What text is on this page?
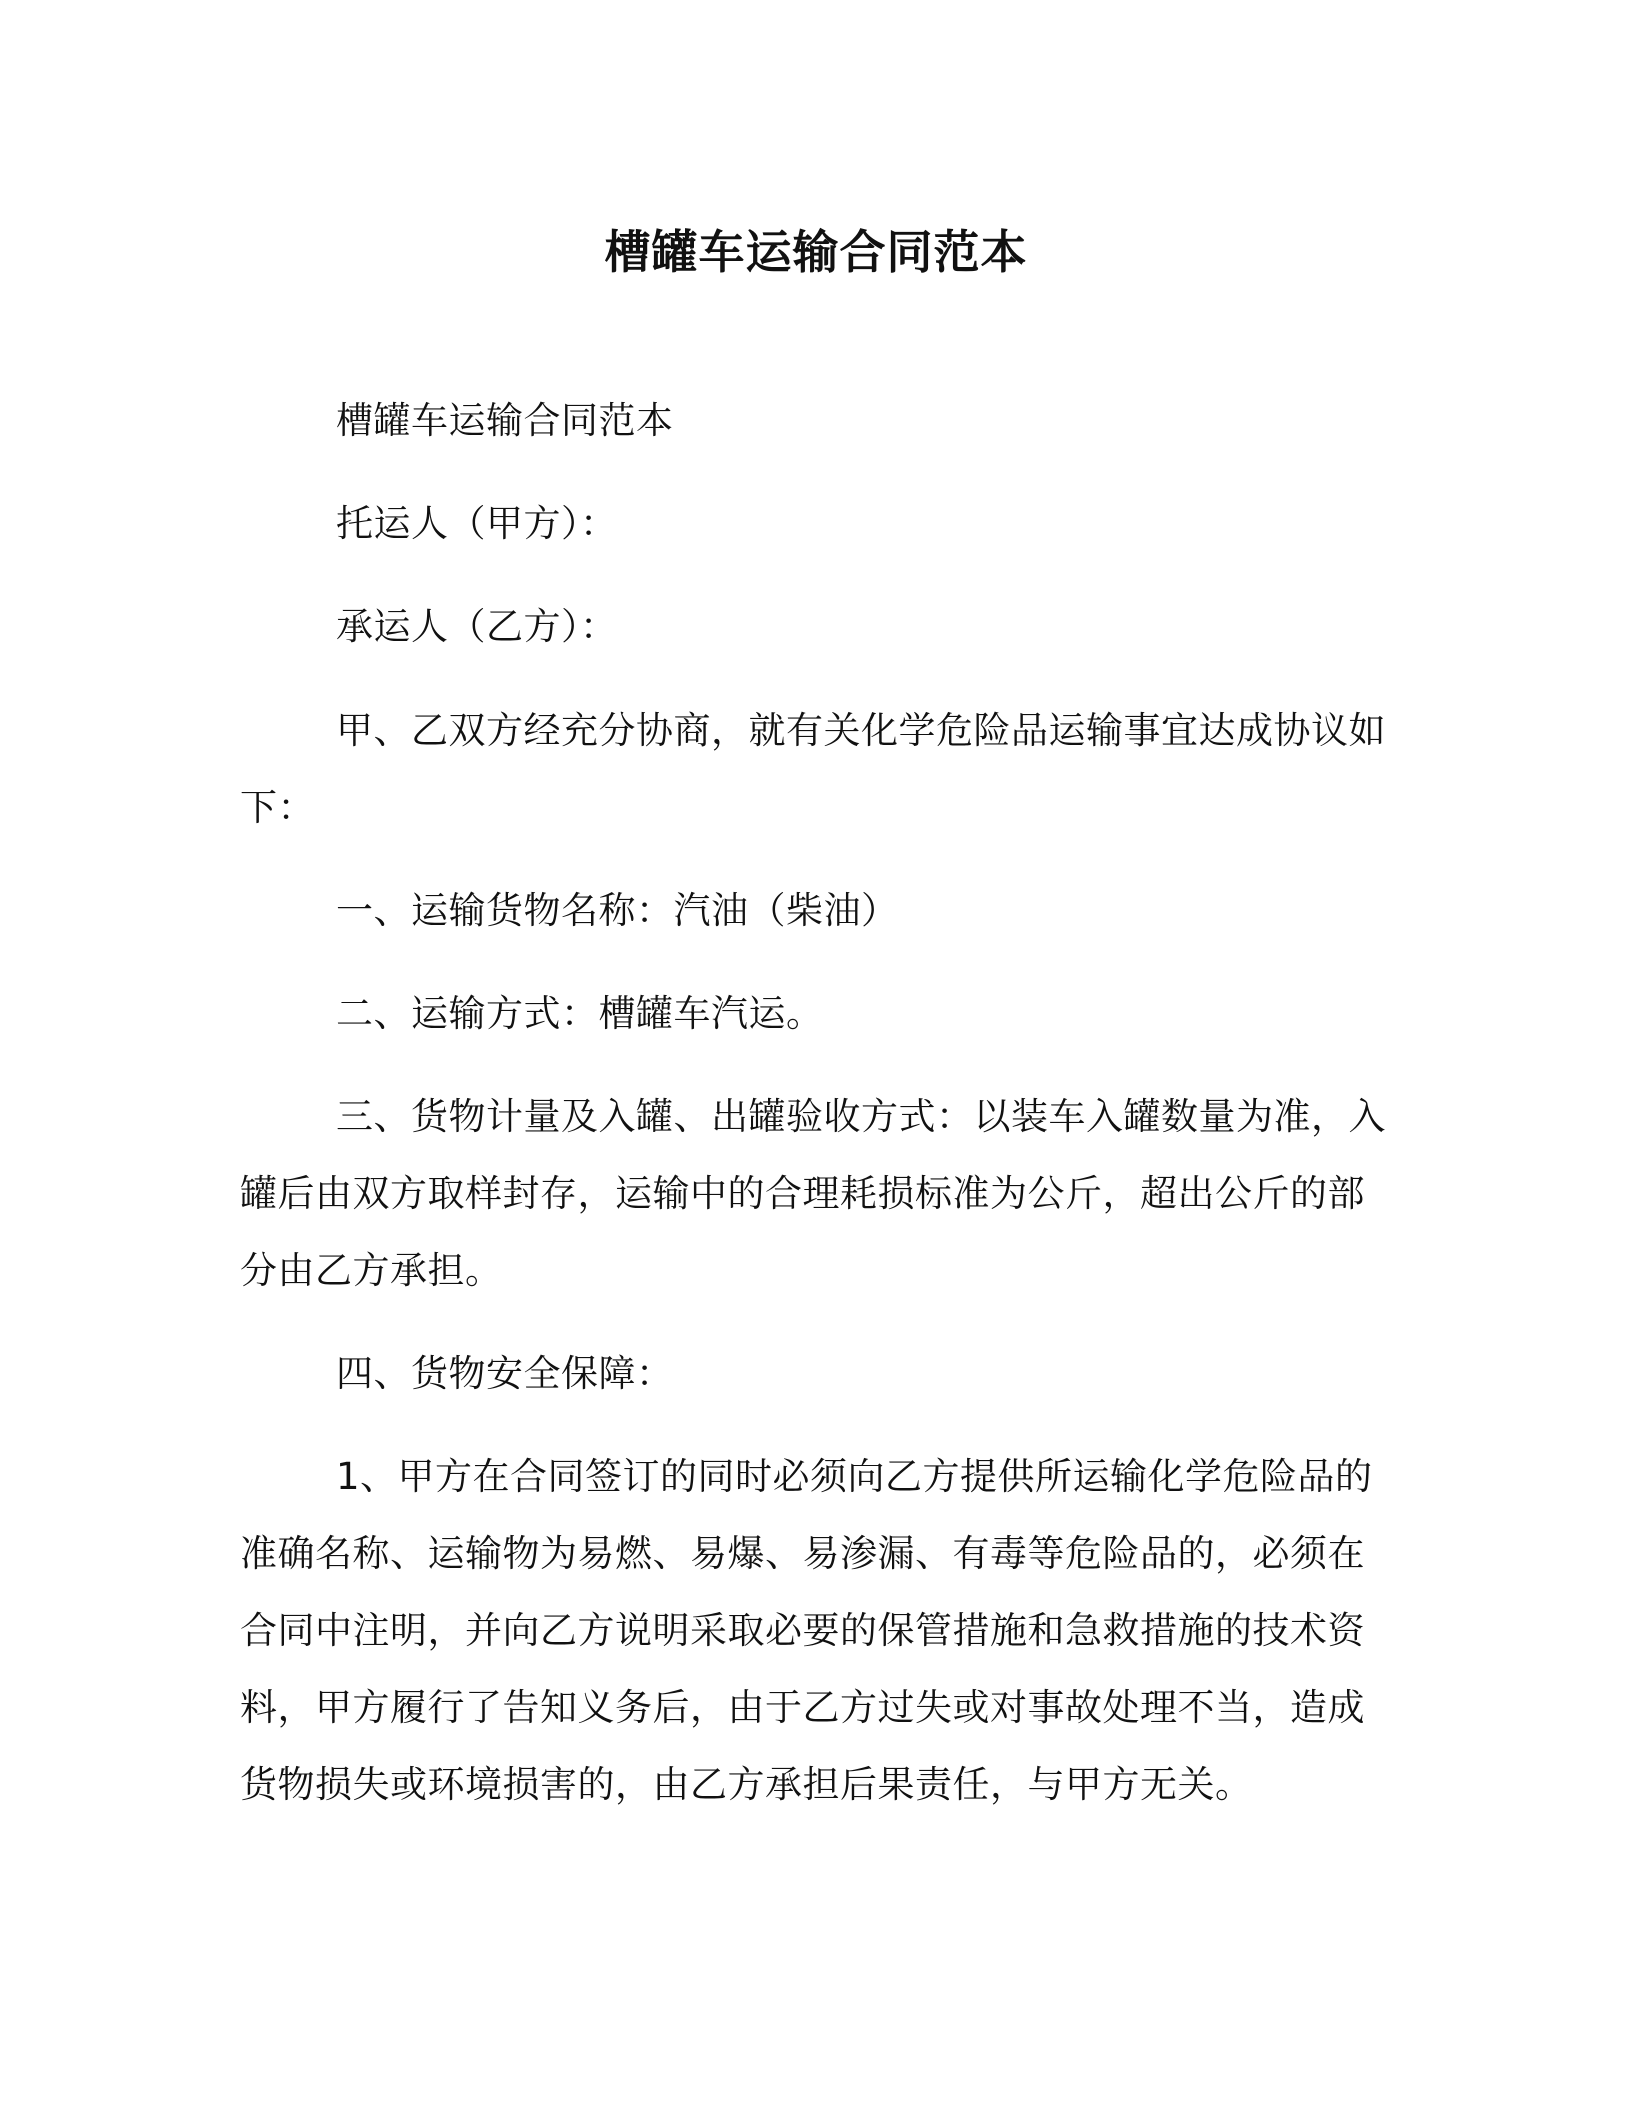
槽罐车运输合同范本

槽罐车运输合同范本

托运人（甲方）：

承运人（乙方）：

甲、乙双方经充分协商，就有关化学危险品运输事宜达成协议如下：

一、运输货物名称：汽油（柴油）

二、运输方式：槽罐车汽运。

三、货物计量及入罐、出罐验收方式：以装车入罐数量为准，入罐后由双方取样封存，运输中的合理耗损标准为公斤，超出公斤的部分由乙方承担。

四、货物安全保障：

1、甲方在合同签订的同时必须向乙方提供所运输化学危险品的准确名称、运输物为易燃、易爆、易渗漏、有毒等危险品的，必须在合同中注明，并向乙方说明采取必要的保管措施和急救措施的技术资料，甲方履行了告知义务后，由于乙方过失或对事故处理不当，造成货物损失或环境损害的，由乙方承担后果责任，与甲方无关。
